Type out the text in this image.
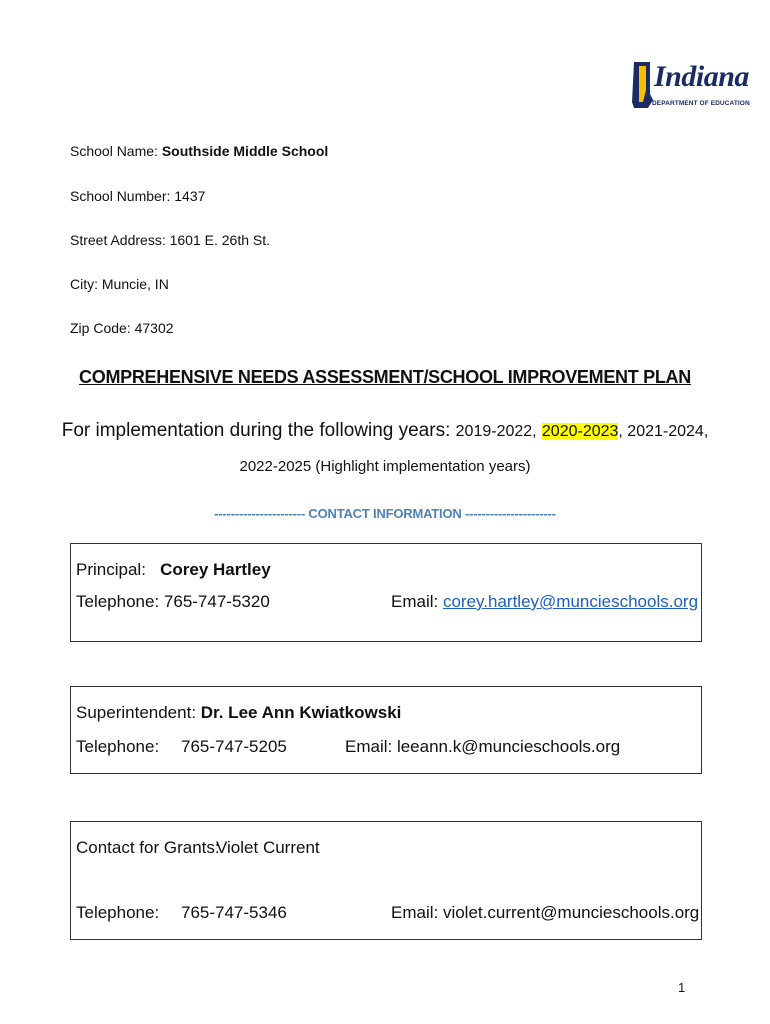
Indiana
DEPARTMENT OF EDUCATION
School Name: Southside Middle School
School Number: 1437
Street Address: 1601 E. 26th St.
City: Muncie, IN
Zip Code: 47302
COMPREHENSIVE NEEDS ASSESSMENT/SCHOOL IMPROVEMENT PLAN
For implementation during the following years: 2019-2022, 2020-2023, 2021-2024,
2022-2025 (Highlight implementation years)
---------------------- CONTACT INFORMATION ----------------------
Principal: Corey Hartley
Telephone: 765-747-5320	Email: corey.hartley@muncieschools.org
Superintendent: Dr. Lee Ann Kwiatkowski
Telephone: 765-747-5205	Email: leeann.k@muncieschools.org
Contact for Grants:
Violet Current
Telephone: 765-747-5346	Email: violet.current@muncieschools.org
1
